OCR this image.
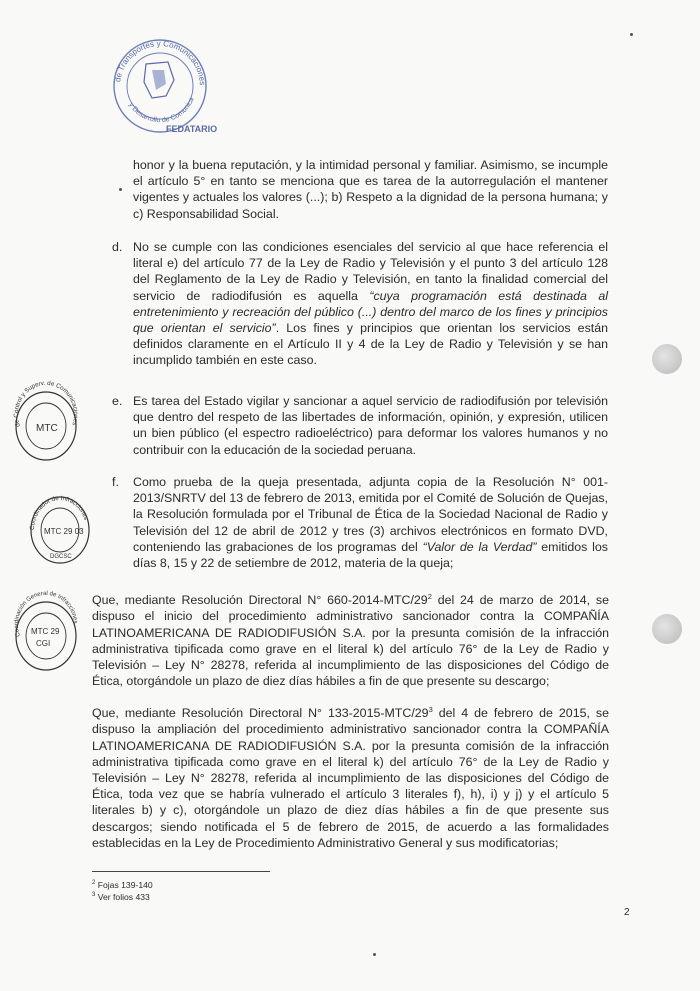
de Transportes y Comunicaciones
y Desarrollo de Comunicaciones
FEDATARIO
de Control y Superv. de Comunicaciones
MTC
Coordinador de Infracciones
MTC 29 03
DGCSC
Coordinación General de Infracciones
MTC 29
CGI
honor y la buena reputación, y la intimidad personal y familiar. Asimismo, se incumple el artículo 5° en tanto se menciona que es tarea de la autorregulación el mantener vigentes y actuales los valores (...); b) Respeto a la dignidad de la persona humana; y c) Responsabilidad Social.
d. No se cumple con las condiciones esenciales del servicio al que hace referencia el literal e) del artículo 77 de la Ley de Radio y Televisión y el punto 3 del artículo 128 del Reglamento de la Ley de Radio y Televisión, en tanto la finalidad comercial del servicio de radiodifusión es aquella “cuya programación está destinada al entretenimiento y recreación del público (...) dentro del marco de los fines y principios que orientan el servicio”. Los fines y principios que orientan los servicios están definidos claramente en el Artículo II y 4 de la Ley de Radio y Televisión y se han incumplido también en este caso.
e. Es tarea del Estado vigilar y sancionar a aquel servicio de radiodifusión por televisión que dentro del respeto de las libertades de información, opinión, y expresión, utilicen un bien público (el espectro radioeléctrico) para deformar los valores humanos y no contribuir con la educación de la sociedad peruana.
f. Como prueba de la queja presentada, adjunta copia de la Resolución N° 001-2013/SNRTV del 13 de febrero de 2013, emitida por el Comité de Solución de Quejas, la Resolución formulada por el Tribunal de Ética de la Sociedad Nacional de Radio y Televisión del 12 de abril de 2012 y tres (3) archivos electrónicos en formato DVD, conteniendo las grabaciones de los programas del “Valor de la Verdad” emitidos los días 8, 15 y 22 de setiembre de 2012, materia de la queja;
Que, mediante Resolución Directoral N° $660-2014-MTC/29^2$ del 24 de marzo de 2014, se dispuso el inicio del procedimiento administrativo sancionador contra la COMPAÑÍA LATINOAMERICANA DE RADIODIFUSIÓN S.A. por la presunta comisión de la infracción administrativa tipificada como grave en el literal k) del artículo 76° de la Ley de Radio y Televisión – Ley N° 28278, referida al incumplimiento de las disposiciones del Código de Ética, otorgándole un plazo de diez días hábiles a fin de que presente su descargo;
Que, mediante Resolución Directoral N° $133-2015-MTC/29^3$ del 4 de febrero de 2015, se dispuso la ampliación del procedimiento administrativo sancionador contra la COMPAÑÍA LATINOAMERICANA DE RADIODIFUSIÓN S.A. por la presunta comisión de la infracción administrativa tipificada como grave en el literal k) del artículo 76° de la Ley de Radio y Televisión – Ley N° 28278, referida al incumplimiento de las disposiciones del Código de Ética, toda vez que se habría vulnerado el artículo 3 literales f), h), i) y j) y el artículo 5 literales b) y c), otorgándole un plazo de diez días hábiles a fin de que presente sus descargos; siendo notificada el 5 de febrero de 2015, de acuerdo a las formalidades establecidas en la Ley de Procedimiento Administrativo General y sus modificatorias;
$^2$ Fojas 139-140
$^3$ Ver folios 433
2
